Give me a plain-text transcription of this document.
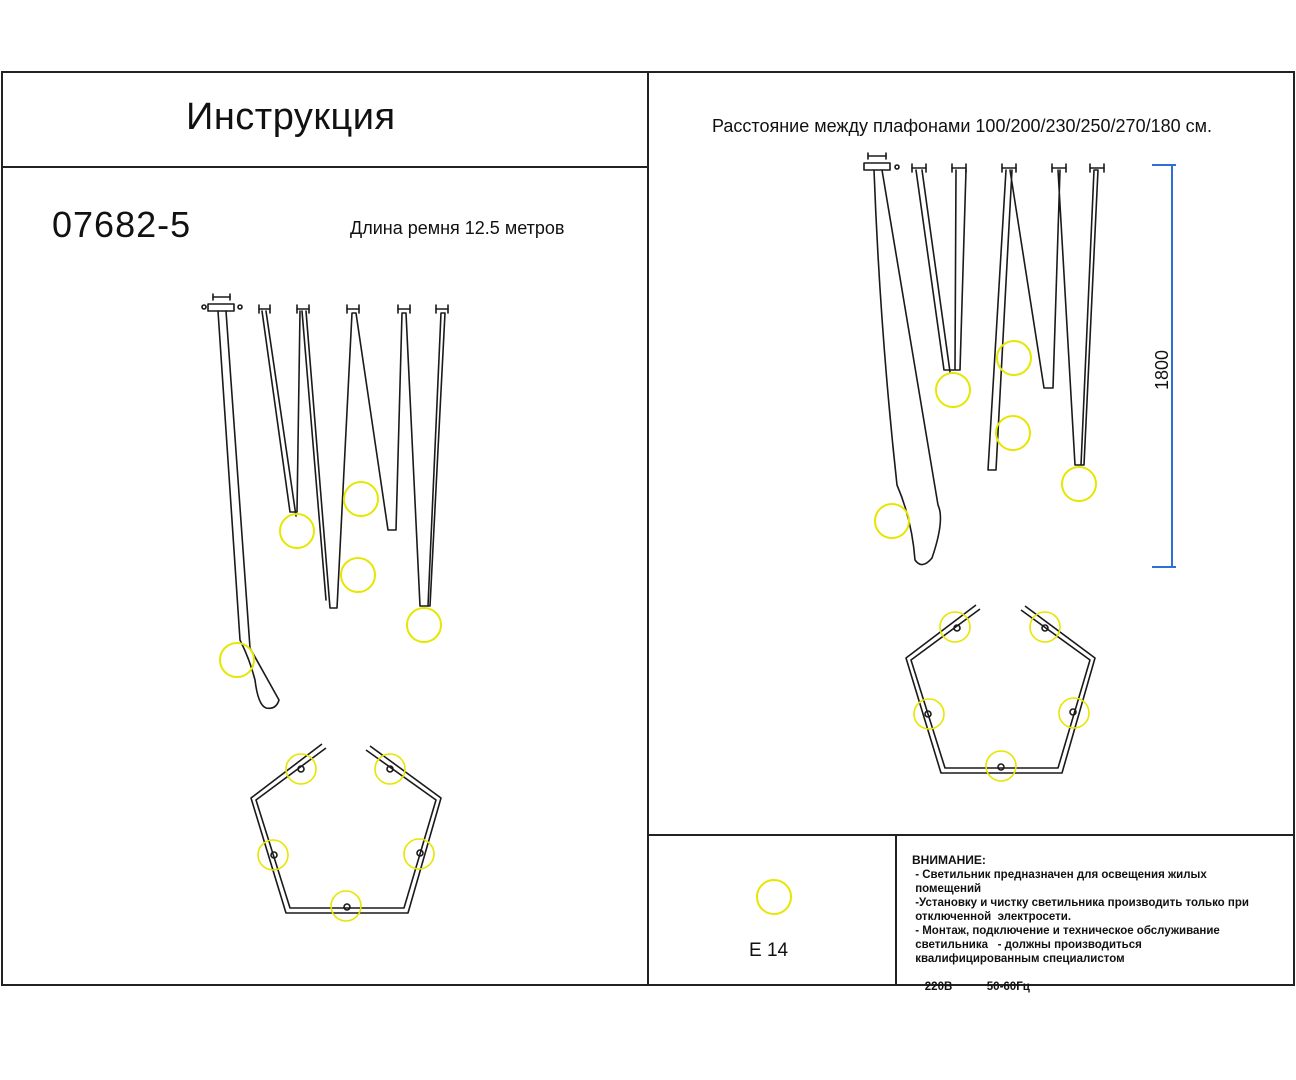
Инструкция
07682-5	Длина ремня 12.5 метров
Расстояние между плафонами 100/200/230/250/270/180 см.
1800
E 14
ВНИМАНИЕ:
- Светильник предназначен для освещения жилых
помещений
-Установку и чистку светильника производить только при
отключенной  электросети.
- Монтаж, подключение и техническое обслуживание
светильника   - должны производиться
квалифицированным специалистом

220В	50-60Гц
